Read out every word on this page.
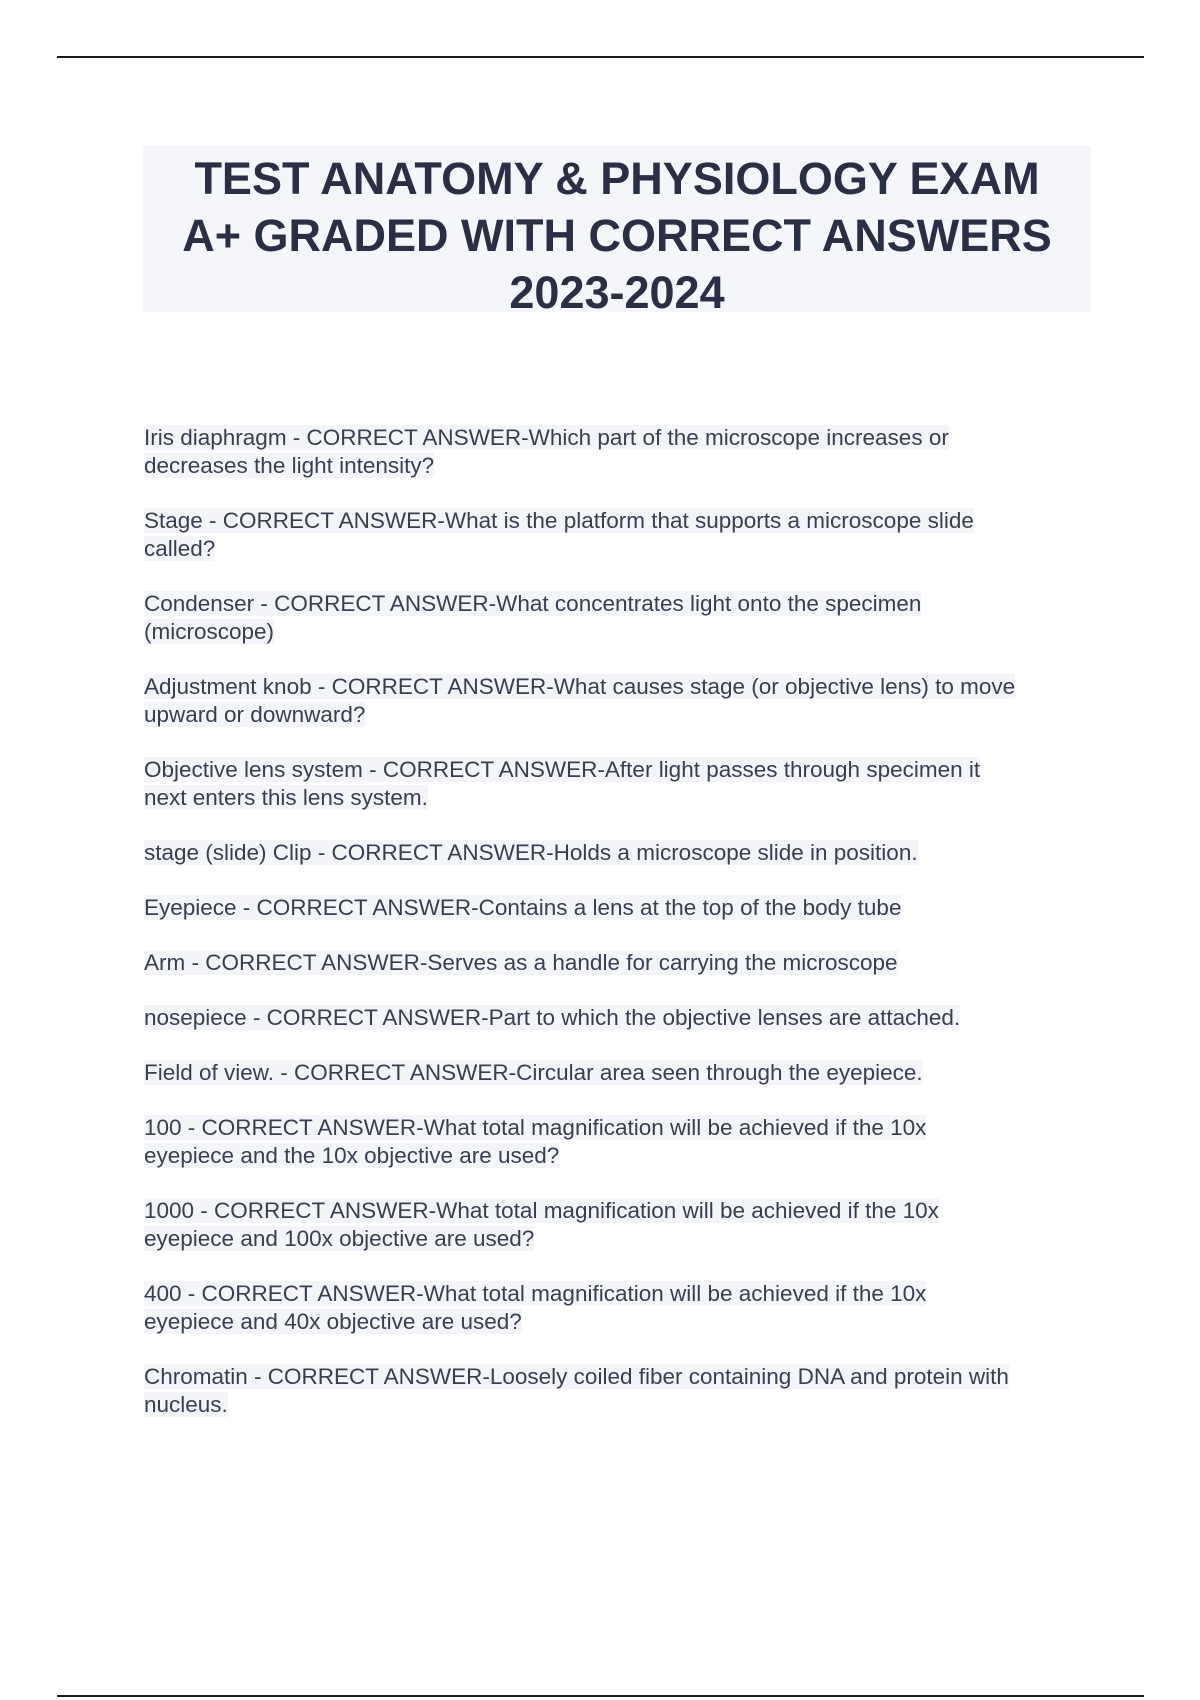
TEST ANATOMY & PHYSIOLOGY EXAM
A+ GRADED WITH CORRECT ANSWERS
2023-2024
Iris diaphragm - CORRECT ANSWER-Which part of the microscope increases or
decreases the light intensity?
Stage - CORRECT ANSWER-What is the platform that supports a microscope slide
called?
Condenser - CORRECT ANSWER-What concentrates light onto the specimen
(microscope)
Adjustment knob - CORRECT ANSWER-What causes stage (or objective lens) to move
upward or downward?
Objective lens system - CORRECT ANSWER-After light passes through specimen it
next enters this lens system.
stage (slide) Clip - CORRECT ANSWER-Holds a microscope slide in position.
Eyepiece - CORRECT ANSWER-Contains a lens at the top of the body tube
Arm - CORRECT ANSWER-Serves as a handle for carrying the microscope
nosepiece - CORRECT ANSWER-Part to which the objective lenses are attached.
Field of view. - CORRECT ANSWER-Circular area seen through the eyepiece.
100 - CORRECT ANSWER-What total magnification will be achieved if the 10x
eyepiece and the 10x objective are used?
1000 - CORRECT ANSWER-What total magnification will be achieved if the 10x
eyepiece and 100x objective are used?
400 - CORRECT ANSWER-What total magnification will be achieved if the 10x
eyepiece and 40x objective are used?
Chromatin - CORRECT ANSWER-Loosely coiled fiber containing DNA and protein with
nucleus.
